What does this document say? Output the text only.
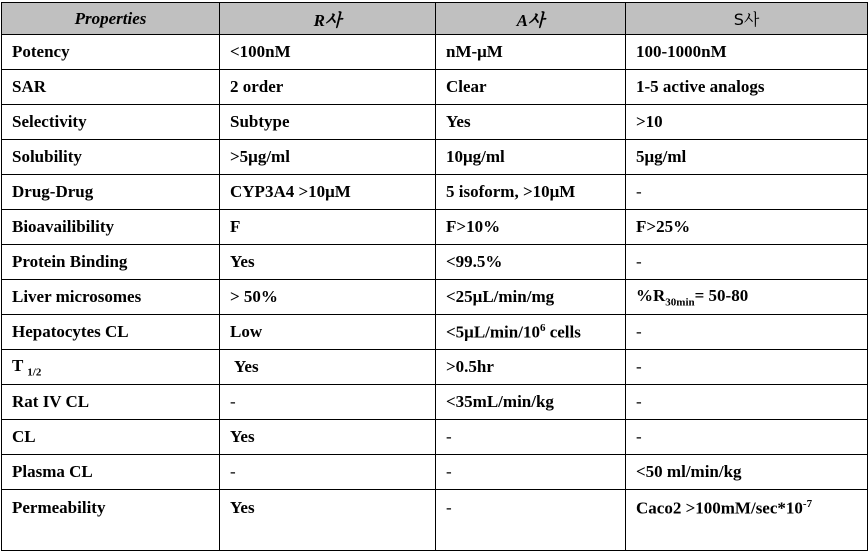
Properties	R사	A사	S사
Potency	<100nM	nM-μM	100-1000nM
SAR	2 order	Clear	1-5 active analogs
Selectivity	Subtype	Yes	>10
Solubility	>5μg/ml	10μg/ml	5μg/ml
Drug-Drug	CYP3A4 >10μM	5 isoform, >10μM	-
Bioavailibility	F	F>10%	F>25%
Protein Binding	Yes	<99.5%	-
Liver microsomes	> 50%	<25μL/min/mg	$\%R_{30min}= 50-80$
Hepatocytes CL	Low	$<5\mu L/\min/10^6$ cells	-
T $_{1/2}$	Yes	>0.5hr	-
Rat IV CL	-	<35mL/min/kg	-
CL	Yes	-	-
Plasma CL	-	-	<50 ml/min/kg
Permeability	Yes	-	Caco2 $>100mM/\sec*10^{-7}$
